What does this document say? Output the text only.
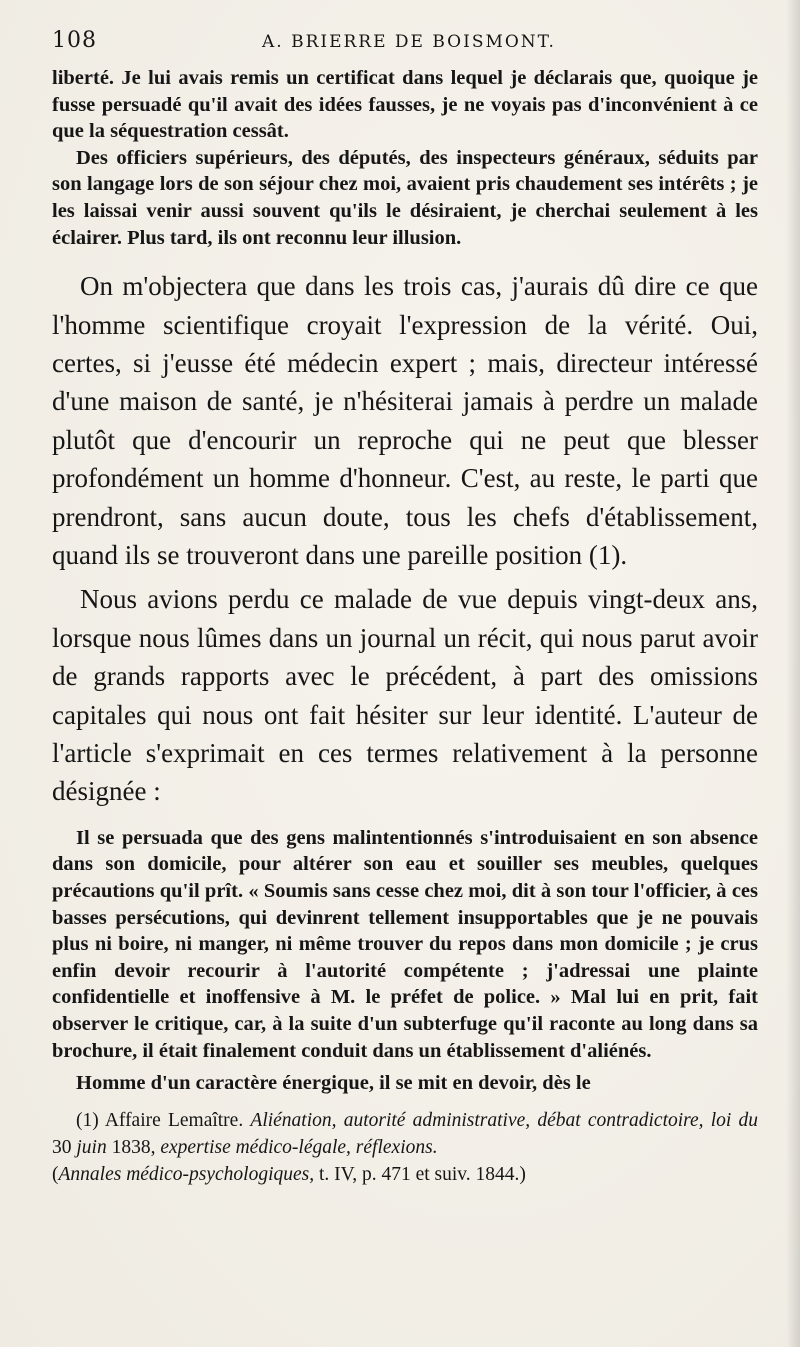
108	A. BRIERRE DE BOISMONT.

liberté. Je lui avais remis un certificat dans lequel je déclarais que, quoique je fusse persuadé qu'il avait des idées fausses, je ne voyais pas d'inconvénient à ce que la séquestration cessât.

Des officiers supérieurs, des députés, des inspecteurs généraux, séduits par son langage lors de son séjour chez moi, avaient pris chaudement ses intérêts ; je les laissai venir aussi souvent qu'ils le désiraient, je cherchai seulement à les éclairer. Plus tard, ils ont reconnu leur illusion.

On m'objectera que dans les trois cas, j'aurais dû dire ce que l'homme scientifique croyait l'expression de la vérité. Oui, certes, si j'eusse été médecin expert ; mais, directeur intéressé d'une maison de santé, je n'hésiterai jamais à perdre un malade plutôt que d'encourir un reproche qui ne peut que blesser profondément un homme d'honneur. C'est, au reste, le parti que prendront, sans aucun doute, tous les chefs d'établissement, quand ils se trouveront dans une pareille position (1).

Nous avions perdu ce malade de vue depuis vingt-deux ans, lorsque nous lûmes dans un journal un récit, qui nous parut avoir de grands rapports avec le précédent, à part des omissions capitales qui nous ont fait hésiter sur leur identité. L'auteur de l'article s'exprimait en ces termes relativement à la personne désignée :

Il se persuada que des gens malintentionnés s'introduisaient en son absence dans son domicile, pour altérer son eau et souiller ses meubles, quelques précautions qu'il prît. « Soumis sans cesse chez moi, dit à son tour l'officier, à ces basses persécutions, qui devinrent tellement insupportables que je ne pouvais plus ni boire, ni manger, ni même trouver du repos dans mon domicile ; je crus enfin devoir recourir à l'autorité compétente ; j'adressai une plainte confidentielle et inoffensive à M. le préfet de police. » Mal lui en prit, fait observer le critique, car, à la suite d'un subterfuge qu'il raconte au long dans sa brochure, il était finalement conduit dans un établissement d'aliénés.

Homme d'un caractère énergique, il se mit en devoir, dès le

(1) Affaire Lemaître. Aliénation, autorité administrative, débat contradictoire, loi du 30 juin 1838, expertise médico-légale, réflexions.
(Annales médico-psychologiques, t. IV, p. 471 et suiv. 1844.)
